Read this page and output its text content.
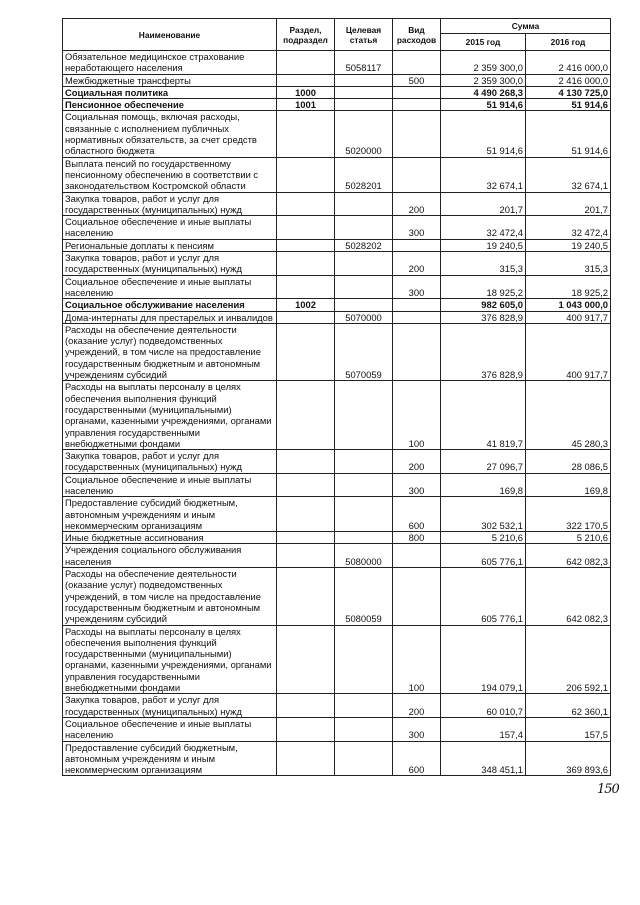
Наименование	Раздел, подраздел	Целевая статья	Вид расходов	Сумма	
				2015 год	2016 год
Обязательное медицинское страхование неработающего населения		5058117		2 359 300,0	2 416 000,0
Межбюджетные трансферты			500	2 359 300,0	2 416 000,0
Социальная политика	1000			4 490 268,3	4 130 725,0
Пенсионное обеспечение	1001			51 914,6	51 914,6
Социальная помощь, включая расходы, связанные с исполнением публичных нормативных обязательств, за счет средств областного бюджета		5020000		51 914,6	51 914,6
Выплата пенсий по государственному пенсионному обеспечению в соответствии с законодательством Костромской области		5028201		32 674,1	32 674,1
Закупка товаров, работ и услуг для государственных (муниципальных) нужд			200	201,7	201,7
Социальное обеспечение и иные выплаты населению			300	32 472,4	32 472,4
Региональные доплаты к пенсиям		5028202		19 240,5	19 240,5
Закупка товаров, работ и услуг для государственных (муниципальных) нужд			200	315,3	315,3
Социальное обеспечение и иные выплаты населению			300	18 925,2	18 925,2
Социальное обслуживание населения	1002			982 605,0	1 043 000,0
Дома-интернаты для престарелых и инвалидов		5070000		376 828,9	400 917,7
Расходы на обеспечение деятельности (оказание услуг) подведомственных учреждений, в том числе на предоставление государственным бюджетным и автономным учреждениям субсидий		5070059		376 828,9	400 917,7
Расходы на выплаты персоналу в целях обеспечения выполнения функций государственными (муниципальными) органами, казенными учреждениями, органами управления государственными внебюджетными фондами			100	41 819,7	45 280,3
Закупка товаров, работ и услуг для государственных (муниципальных) нужд			200	27 096,7	28 086,5
Социальное обеспечение и иные выплаты населению			300	169,8	169,8
Предоставление субсидий бюджетным, автономным учреждениям и иным некоммерческим организациям			600	302 532,1	322 170,5
Иные бюджетные ассигнования			800	5 210,6	5 210,6
Учреждения социального обслуживания населения		5080000		605 776,1	642 082,3
Расходы на обеспечение деятельности (оказание услуг) подведомственных учреждений, в том числе на предоставление государственным бюджетным и автономным учреждениям субсидий		5080059		605 776,1	642 082,3
Расходы на выплаты персоналу в целях обеспечения выполнения функций государственными (муниципальными) органами, казенными учреждениями, органами управления государственными внебюджетными фондами			100	194 079,1	206 592,1
Закупка товаров, работ и услуг для государственных (муниципальных) нужд			200	60 010,7	62 360,1
Социальное обеспечение и иные выплаты населению			300	157,4	157,5
Предоставление субсидий бюджетным, автономным учреждениям и иным некоммерческим организациям			600	348 451,1	369 893,6
150
